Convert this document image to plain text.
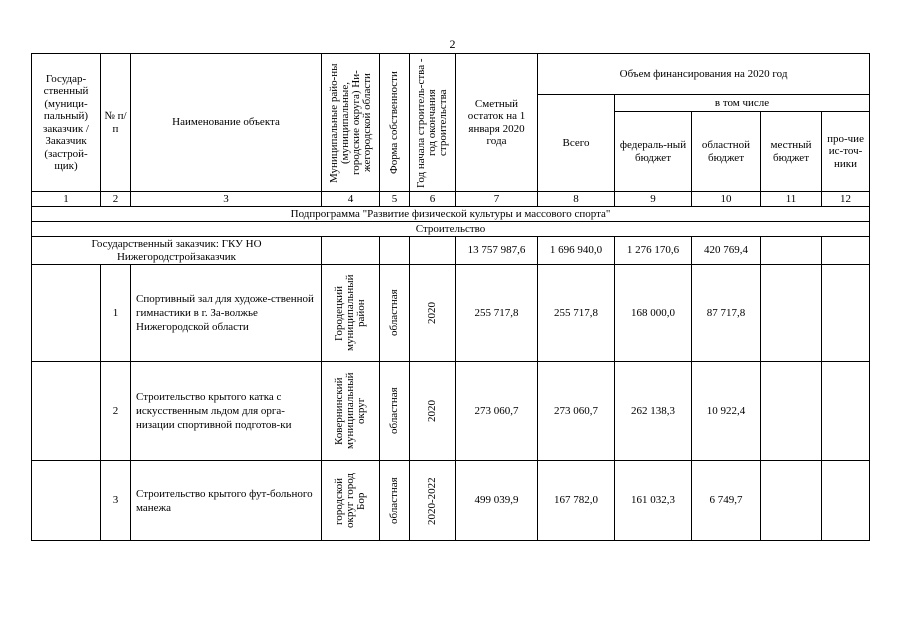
2
Государ-ственный (муници-пальный) заказчик / Заказчик (застрой-щик)	№ п/п	Наименование объекта	Муниципальные райо-ны (муниципальные, городские округа) Ни-жегородской области	Форма собственности	Год начала строитель-ства - год окончания строительства	Сметный остаток на 1 января 2020 года	Объем финансирования на 2020 год				
							Всего	в том числе			
								федераль-ный бюджет	областной бюджет	местный бюджет	про-чие ис-точ-ники
1	2	3	4	5	6	7	8	9	10	11	12
Подпрограмма "Развитие физической культуры и массового спорта"											
Строительство											
Государственный заказчик: ГКУ НО Нижегородстройзаказчик						13 757 987,6	1 696 940,0	1 276 170,6	420 769,4		
	1	Спортивный зал для художе-ственной гимнастики в г. За-волжье Нижегородской области	Городецкий муниципальный район	областная	2020	255 717,8	255 717,8	168 000,0	87 717,8		
	2	Строительство крытого катка с искусственным льдом для орга-низации спортивной подготов-ки	Ковернинский муниципальный округ	областная	2020	273 060,7	273 060,7	262 138,3	10 922,4		
	3	Строительство крытого фут-больного манежа	городской округ город Бор	областная	2020-2022	499 039,9	167 782,0	161 032,3	6 749,7		
